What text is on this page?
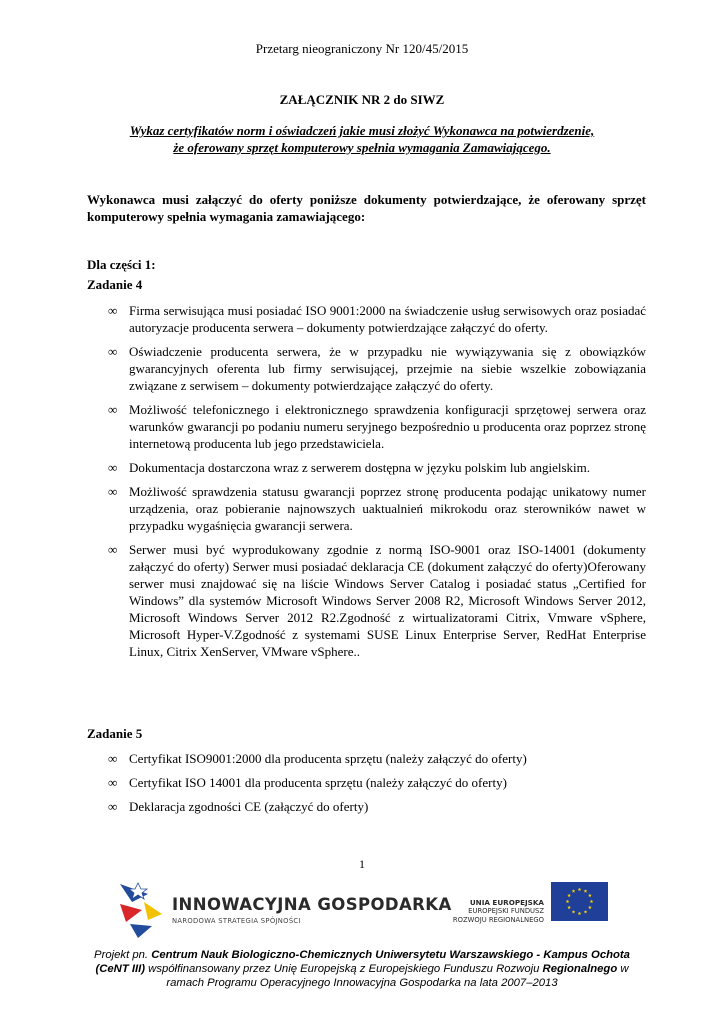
Przetarg nieograniczony Nr 120/45/2015
ZAŁĄCZNIK NR 2 do SIWZ
Wykaz certyfikatów norm i oświadczeń jakie musi złożyć Wykonawca na potwierdzenie,
że oferowany sprzęt komputerowy spełnia wymagania Zamawiającego.
Wykonawca musi załączyć do oferty poniższe dokumenty potwierdzające, że oferowany sprzęt komputerowy spełnia wymagania zamawiającego:
Dla części 1:
Zadanie 4
∞ Firma serwisująca musi posiadać ISO 9001:2000 na świadczenie usług serwisowych oraz posiadać autoryzacje producenta serwera – dokumenty potwierdzające załączyć do oferty.
∞ Oświadczenie producenta serwera, że w przypadku nie wywiązywania się z obowiązków gwarancyjnych oferenta lub firmy serwisującej, przejmie na siebie wszelkie zobowiązania związane z serwisem – dokumenty potwierdzające załączyć do oferty.
∞ Możliwość telefonicznego i elektronicznego sprawdzenia konfiguracji sprzętowej serwera oraz warunków gwarancji po podaniu numeru seryjnego bezpośrednio u producenta oraz poprzez stronę internetową producenta lub jego przedstawiciela.
∞ Dokumentacja dostarczona wraz z serwerem dostępna w języku polskim lub angielskim.
∞ Możliwość sprawdzenia statusu gwarancji poprzez stronę producenta podając unikatowy numer urządzenia, oraz pobieranie najnowszych uaktualnień mikrokodu oraz sterowników nawet w przypadku wygaśnięcia gwarancji serwera.
∞ Serwer musi być wyprodukowany zgodnie z normą ISO-9001 oraz ISO-14001 (dokumenty załączyć do oferty) Serwer musi posiadać deklaracja CE (dokument załączyć do oferty)Oferowany serwer musi znajdować się na liście Windows Server Catalog i posiadać status „Certified for Windows” dla systemów Microsoft Windows Server 2008 R2, Microsoft Windows Server 2012, Microsoft Windows Server 2012 R2.Zgodność z wirtualizatorami Citrix, Vmware vSphere, Microsoft Hyper-V.Zgodność z systemami SUSE Linux Enterprise Server, RedHat Enterprise Linux, Citrix XenServer, VMware vSphere..
Zadanie 5
∞ Certyfikat ISO9001:2000 dla producenta sprzętu (należy załączyć do oferty)
∞ Certyfikat ISO 14001 dla producenta sprzętu (należy załączyć do oferty)
∞ Deklaracja zgodności CE (załączyć do oferty)
1
INNOWACYJNA GOSPODARKA
NARODOWA STRATEGIA SPÓJNOŚCI
UNIA EUROPEJSKA
EUROPEJSKI FUNDUSZ
ROZWOJU REGIONALNEGO
Projekt pn. Centrum Nauk Biologiczno-Chemicznych Uniwersytetu Warszawskiego - Kampus Ochota (CeNT III) współfinansowany przez Unię Europejską z Europejskiego Funduszu Rozwoju Regionalnego w ramach Programu Operacyjnego Innowacyjna Gospodarka na lata 2007–2013
